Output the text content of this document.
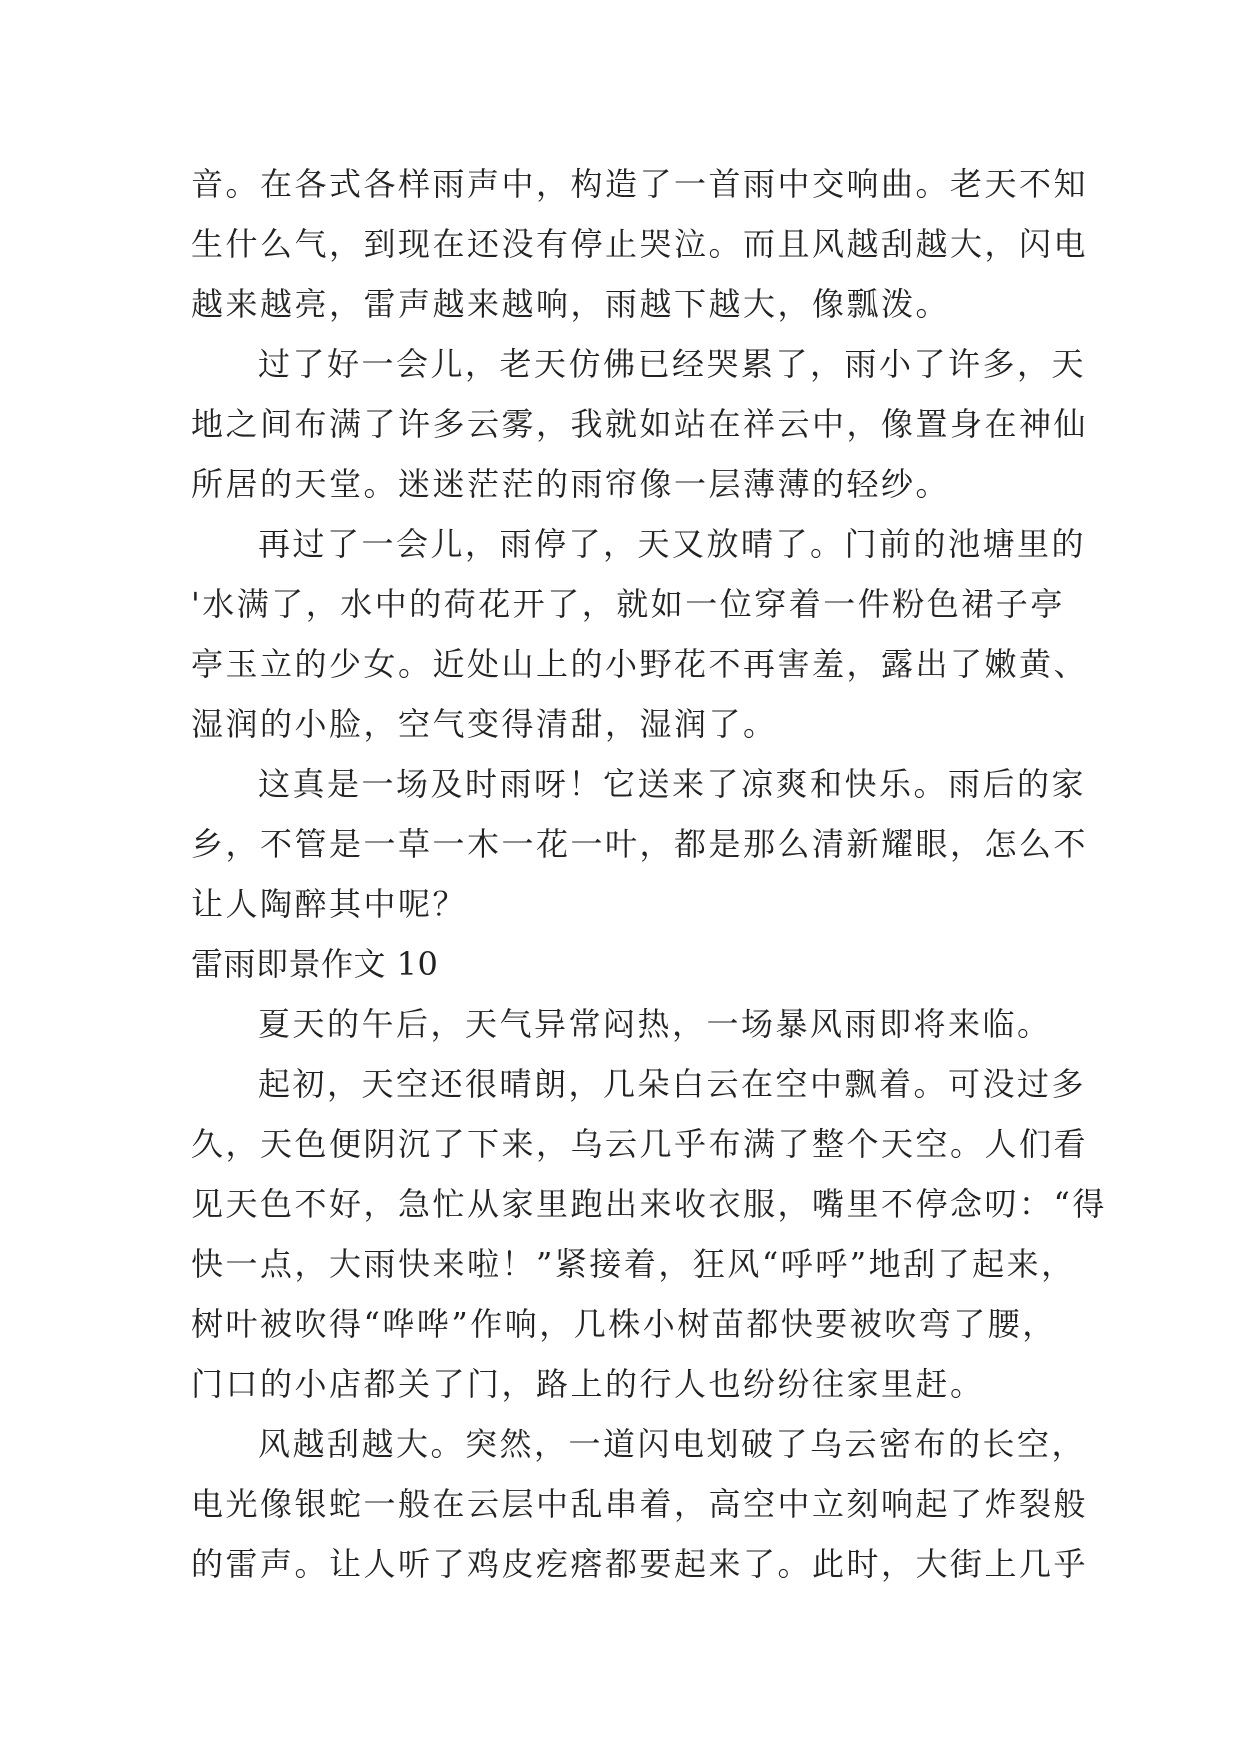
音。在各式各样雨声中，构造了一首雨中交响曲。老天不知
生什么气，到现在还没有停止哭泣。而且风越刮越大，闪电
越来越亮，雷声越来越响，雨越下越大，像瓢泼。
过了好一会儿，老天仿佛已经哭累了，雨小了许多，天
地之间布满了许多云雾，我就如站在祥云中，像置身在神仙
所居的天堂。迷迷茫茫的雨帘像一层薄薄的轻纱。
再过了一会儿，雨停了，天又放晴了。门前的池塘里的
'水满了，水中的荷花开了，就如一位穿着一件粉色裙子亭
亭玉立的少女。近处山上的小野花不再害羞，露出了嫩黄、
湿润的小脸，空气变得清甜，湿润了。
这真是一场及时雨呀！它送来了凉爽和快乐。雨后的家
乡，不管是一草一木一花一叶，都是那么清新耀眼，怎么不
让人陶醉其中呢？
雷雨即景作文 10
夏天的午后，天气异常闷热，一场暴风雨即将来临。
起初，天空还很晴朗，几朵白云在空中飘着。可没过多
久，天色便阴沉了下来，乌云几乎布满了整个天空。人们看
见天色不好，急忙从家里跑出来收衣服，嘴里不停念叨：“得
快一点，大雨快来啦！”紧接着，狂风“呼呼”地刮了起来，
树叶被吹得“哗哗”作响，几株小树苗都快要被吹弯了腰，
门口的小店都关了门，路上的行人也纷纷往家里赶。
风越刮越大。突然，一道闪电划破了乌云密布的长空，
电光像银蛇一般在云层中乱串着，高空中立刻响起了炸裂般
的雷声。让人听了鸡皮疙瘩都要起来了。此时，大街上几乎
